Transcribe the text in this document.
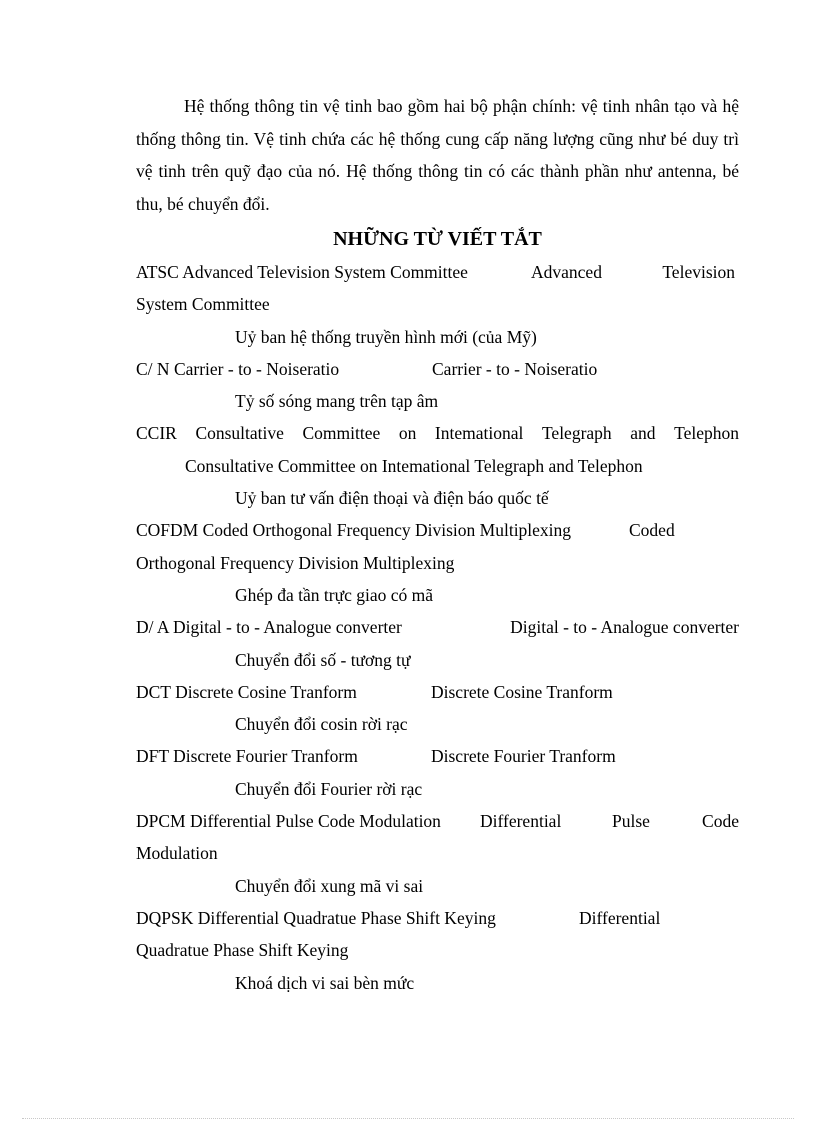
Hệ thống thông tin vệ tinh bao gồm hai bộ phận chính: vệ tinh nhân tạo và hệ thống thông tin. Vệ tinh chứa các hệ thống cung cấp năng lượng cũng như bé duy trì vệ tinh trên quỹ đạo của nó. Hệ thống thông tin có các thành phần như antenna, bé thu, bé chuyển đổi.

NHỮNG TỪ VIẾT TẮT
ATSC Advanced Television System Committee	Advanced	Television
System Committee
Uỷ ban hệ thống truyền hình mới (của Mỹ)
C/ N Carrier - to - Noiseratio	Carrier - to - Noiseratio
Tỷ số sóng mang trên tạp âm
CCIR Consultative Committee on Intemational Telegraph and Telephon
Consultative Committee on Intemational Telegraph and Telephon
Uỷ ban tư vấn điện thoại và điện báo quốc tế
COFDM Coded Orthogonal Frequency Division Multiplexing	Coded
Orthogonal Frequency Division Multiplexing
Ghép đa tần trực giao có mã
D/ A Digital - to - Analogue converter	Digital - to - Analogue converter
Chuyển đổi số - tương tự
DCT Discrete Cosine Tranform	Discrete Cosine Tranform
Chuyển đổi cosin rời rạc
DFT Discrete Fourier Tranform	Discrete Fourier Tranform
Chuyển đổi Fourier rời rạc
DPCM Differential Pulse Code Modulation Differential	Pulse	Code
Modulation
Chuyển đổi xung mã vi sai
DQPSK Differential Quadratue Phase Shift Keying	Differential
Quadratue Phase Shift Keying
Khoá dịch vi sai bèn mức
